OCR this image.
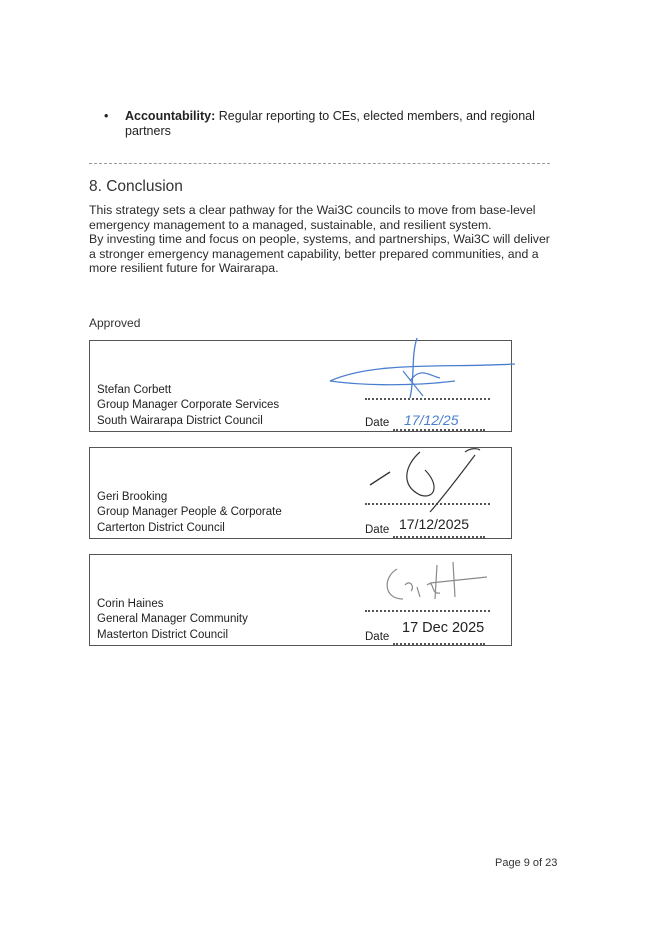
• Accountability: Regular reporting to CEs, elected members, and regional partners
8. Conclusion
This strategy sets a clear pathway for the Wai3C councils to move from base-level emergency management to a managed, sustainable, and resilient system.
By investing time and focus on people, systems, and partnerships, Wai3C will deliver a stronger emergency management capability, better prepared communities, and a more resilient future for Wairarapa.
Approved
Stefan Corbett
Group Manager Corporate Services
South Wairarapa District Council	Date 17/12/25
Geri Brooking
Group Manager People & Corporate
Carterton District Council	Date 17/12/2025
Corin Haines
General Manager Community
Masterton District Council	Date
17 Dec 2025
Page 9 of 23
